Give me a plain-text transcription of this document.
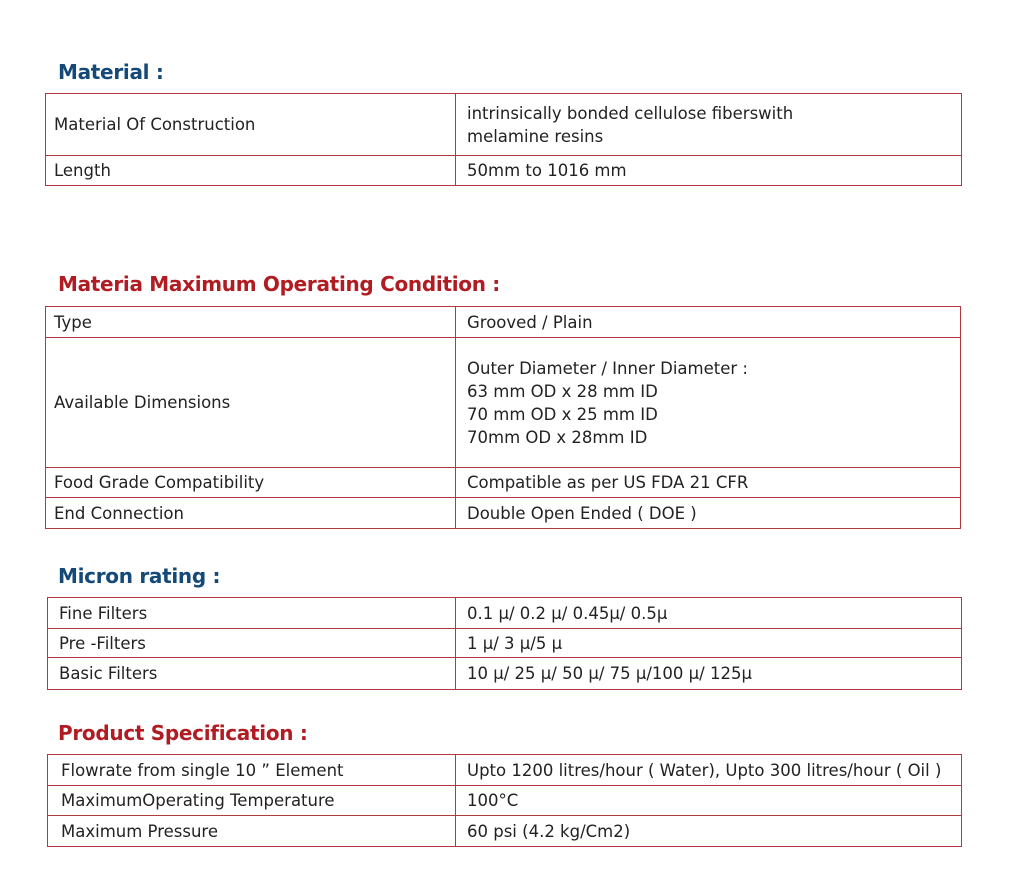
Material :
Material Of Construction	intrinsically bonded cellulose fiberswith
melamine resins

Length	50mm to 1016 mm
Materia Maximum Operating Condition :
Type	Grooved / Plain
Available Dimensions	Outer Diameter / Inner Diameter :
63 mm OD x 28 mm ID
70 mm OD x 25 mm ID
70mm OD x 28mm ID

Food Grade Compatibility	Compatible as per US FDA 21 CFR
End Connection	Double Open Ended ( DOE )
Micron rating :
Fine Filters	0.1 μ/ 0.2 μ/ 0.45μ/ 0.5μ
Pre -Filters	1 μ/ 3 μ/5 μ
Basic Filters	10 μ/ 25 μ/ 50 μ/ 75 μ/100 μ/ 125μ
Product Specification :
Flowrate from single 10 ” Element	Upto 1200 litres/hour ( Water), Upto 300 litres/hour ( Oil )
MaximumOperating Temperature	100°C
Maximum Pressure	60 psi (4.2 kg/Cm2)
